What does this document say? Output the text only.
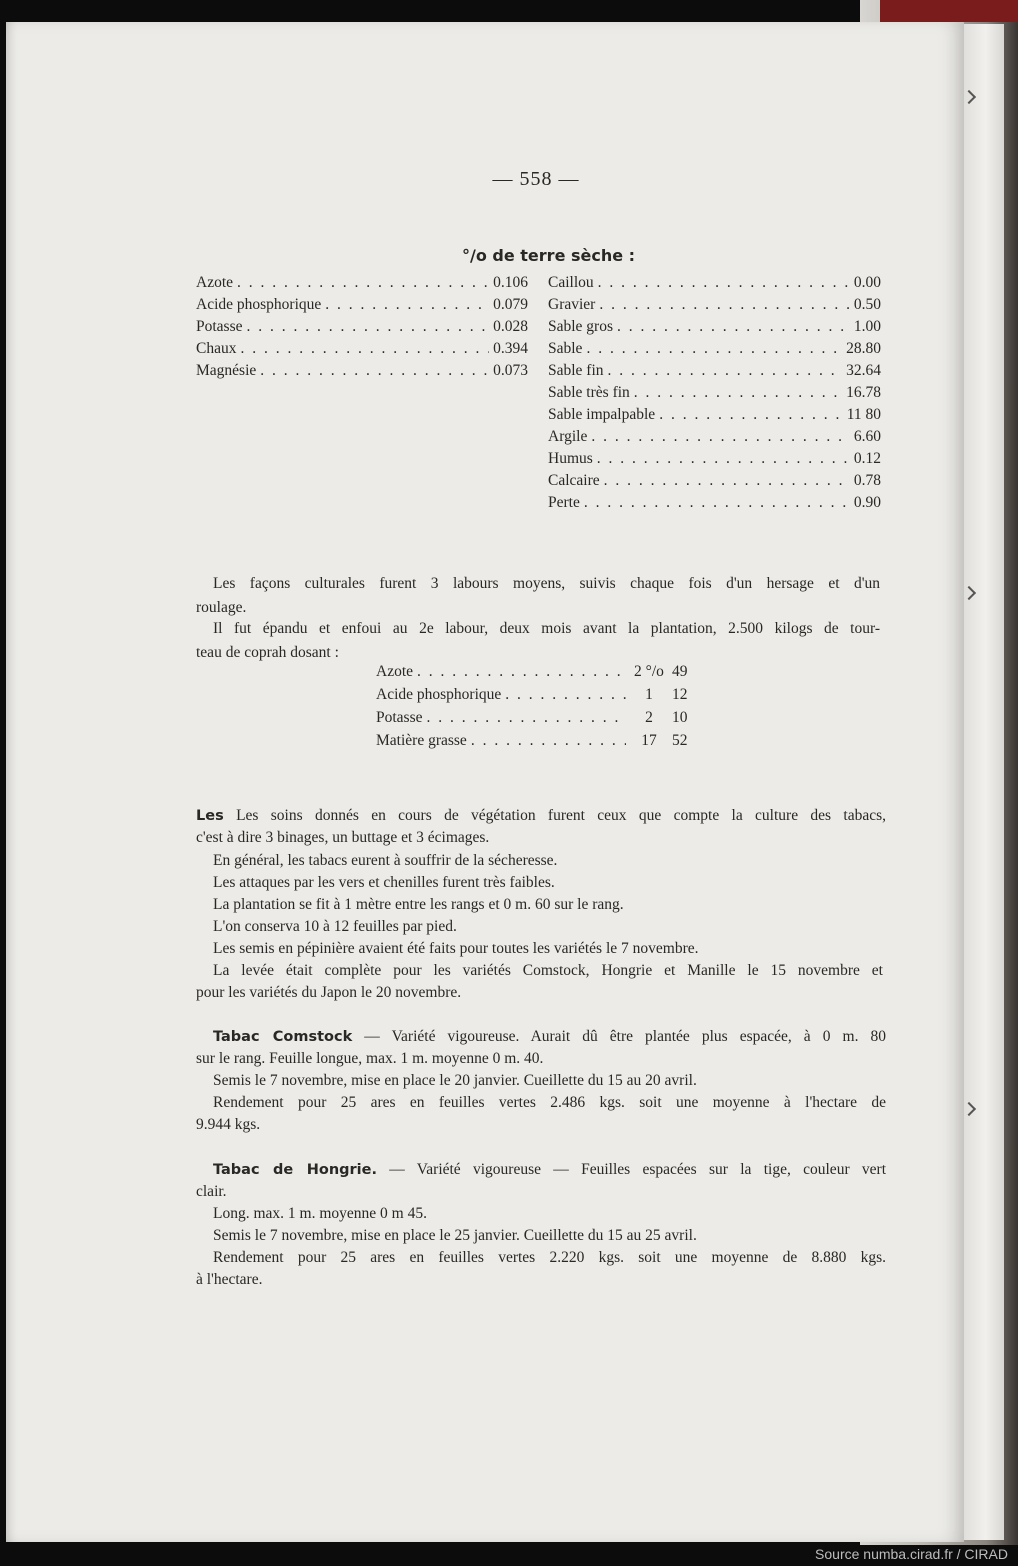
— 558 —
°/o de terre sèche :
Azote . . .	0.106
Acide phosphorique . . .	0.079
Potasse . . .	0.028
Chaux . . .	0.394
Magnésie . . .	0.073
Caillou . . .	0.00
Gravier . . .	0.50
Sable gros . . .	1.00
Sable . . .	28.80
Sable fin . . .	32.64
Sable très fin . . .	16.78
Sable impalpable . . .	11 80
Argile . . .	6.60
Humus . . .	0.12
Calcaire . . .	0.78
Perte . . .	0.90
Les façons culturales furent 3 labours moyens, suivis chaque fois d'un hersage et d'un
roulage.
Il fut épandu et enfoui au 2e labour, deux mois avant la plantation, 2.500 kilogs de tour-
teau de coprah dosant :
Azote . . .	2 °/o 49
Acide phosphorique . . .	1	12
Potasse . . .	2	10
Matière grasse . . .	17 52
Les Les soins donnés en cours de végétation furent ceux que compte la culture des tabacs,
c'est à dire 3 binages, un buttage et 3 écimages.
En général, les tabacs eurent à souffrir de la sécheresse.
Les attaques par les vers et chenilles furent très faibles.
La plantation se fit à 1 mètre entre les rangs et 0 m. 60 sur le rang.
L'on conserva 10 à 12 feuilles par pied.
Les semis en pépinière avaient été faits pour toutes les variétés le 7 novembre.
La levée était complète pour les variétés Comstock, Hongrie et Manille le 15 novembre et
pour les variétés du Japon le 20 novembre.
Tabac Comstock — Variété vigoureuse. Aurait dû être plantée plus espacée, à 0 m. 80
sur le rang. Feuille longue, max. 1 m. moyenne 0 m. 40.
Semis le 7 novembre, mise en place le 20 janvier. Cueillette du 15 au 20 avril.
Rendement pour 25 ares en feuilles vertes 2.486 kgs. soit une moyenne à l'hectare de
9.944 kgs.
Tabac de Hongrie. — Variété vigoureuse — Feuilles espacées sur la tige, couleur vert
clair.
Long. max. 1 m. moyenne 0 m 45.
Semis le 7 novembre, mise en place le 25 janvier. Cueillette du 15 au 25 avril.
Rendement pour 25 ares en feuilles vertes 2.220 kgs. soit une moyenne de 8.880 kgs.
à l'hectare.
Source numba.cirad.fr / CIRAD
